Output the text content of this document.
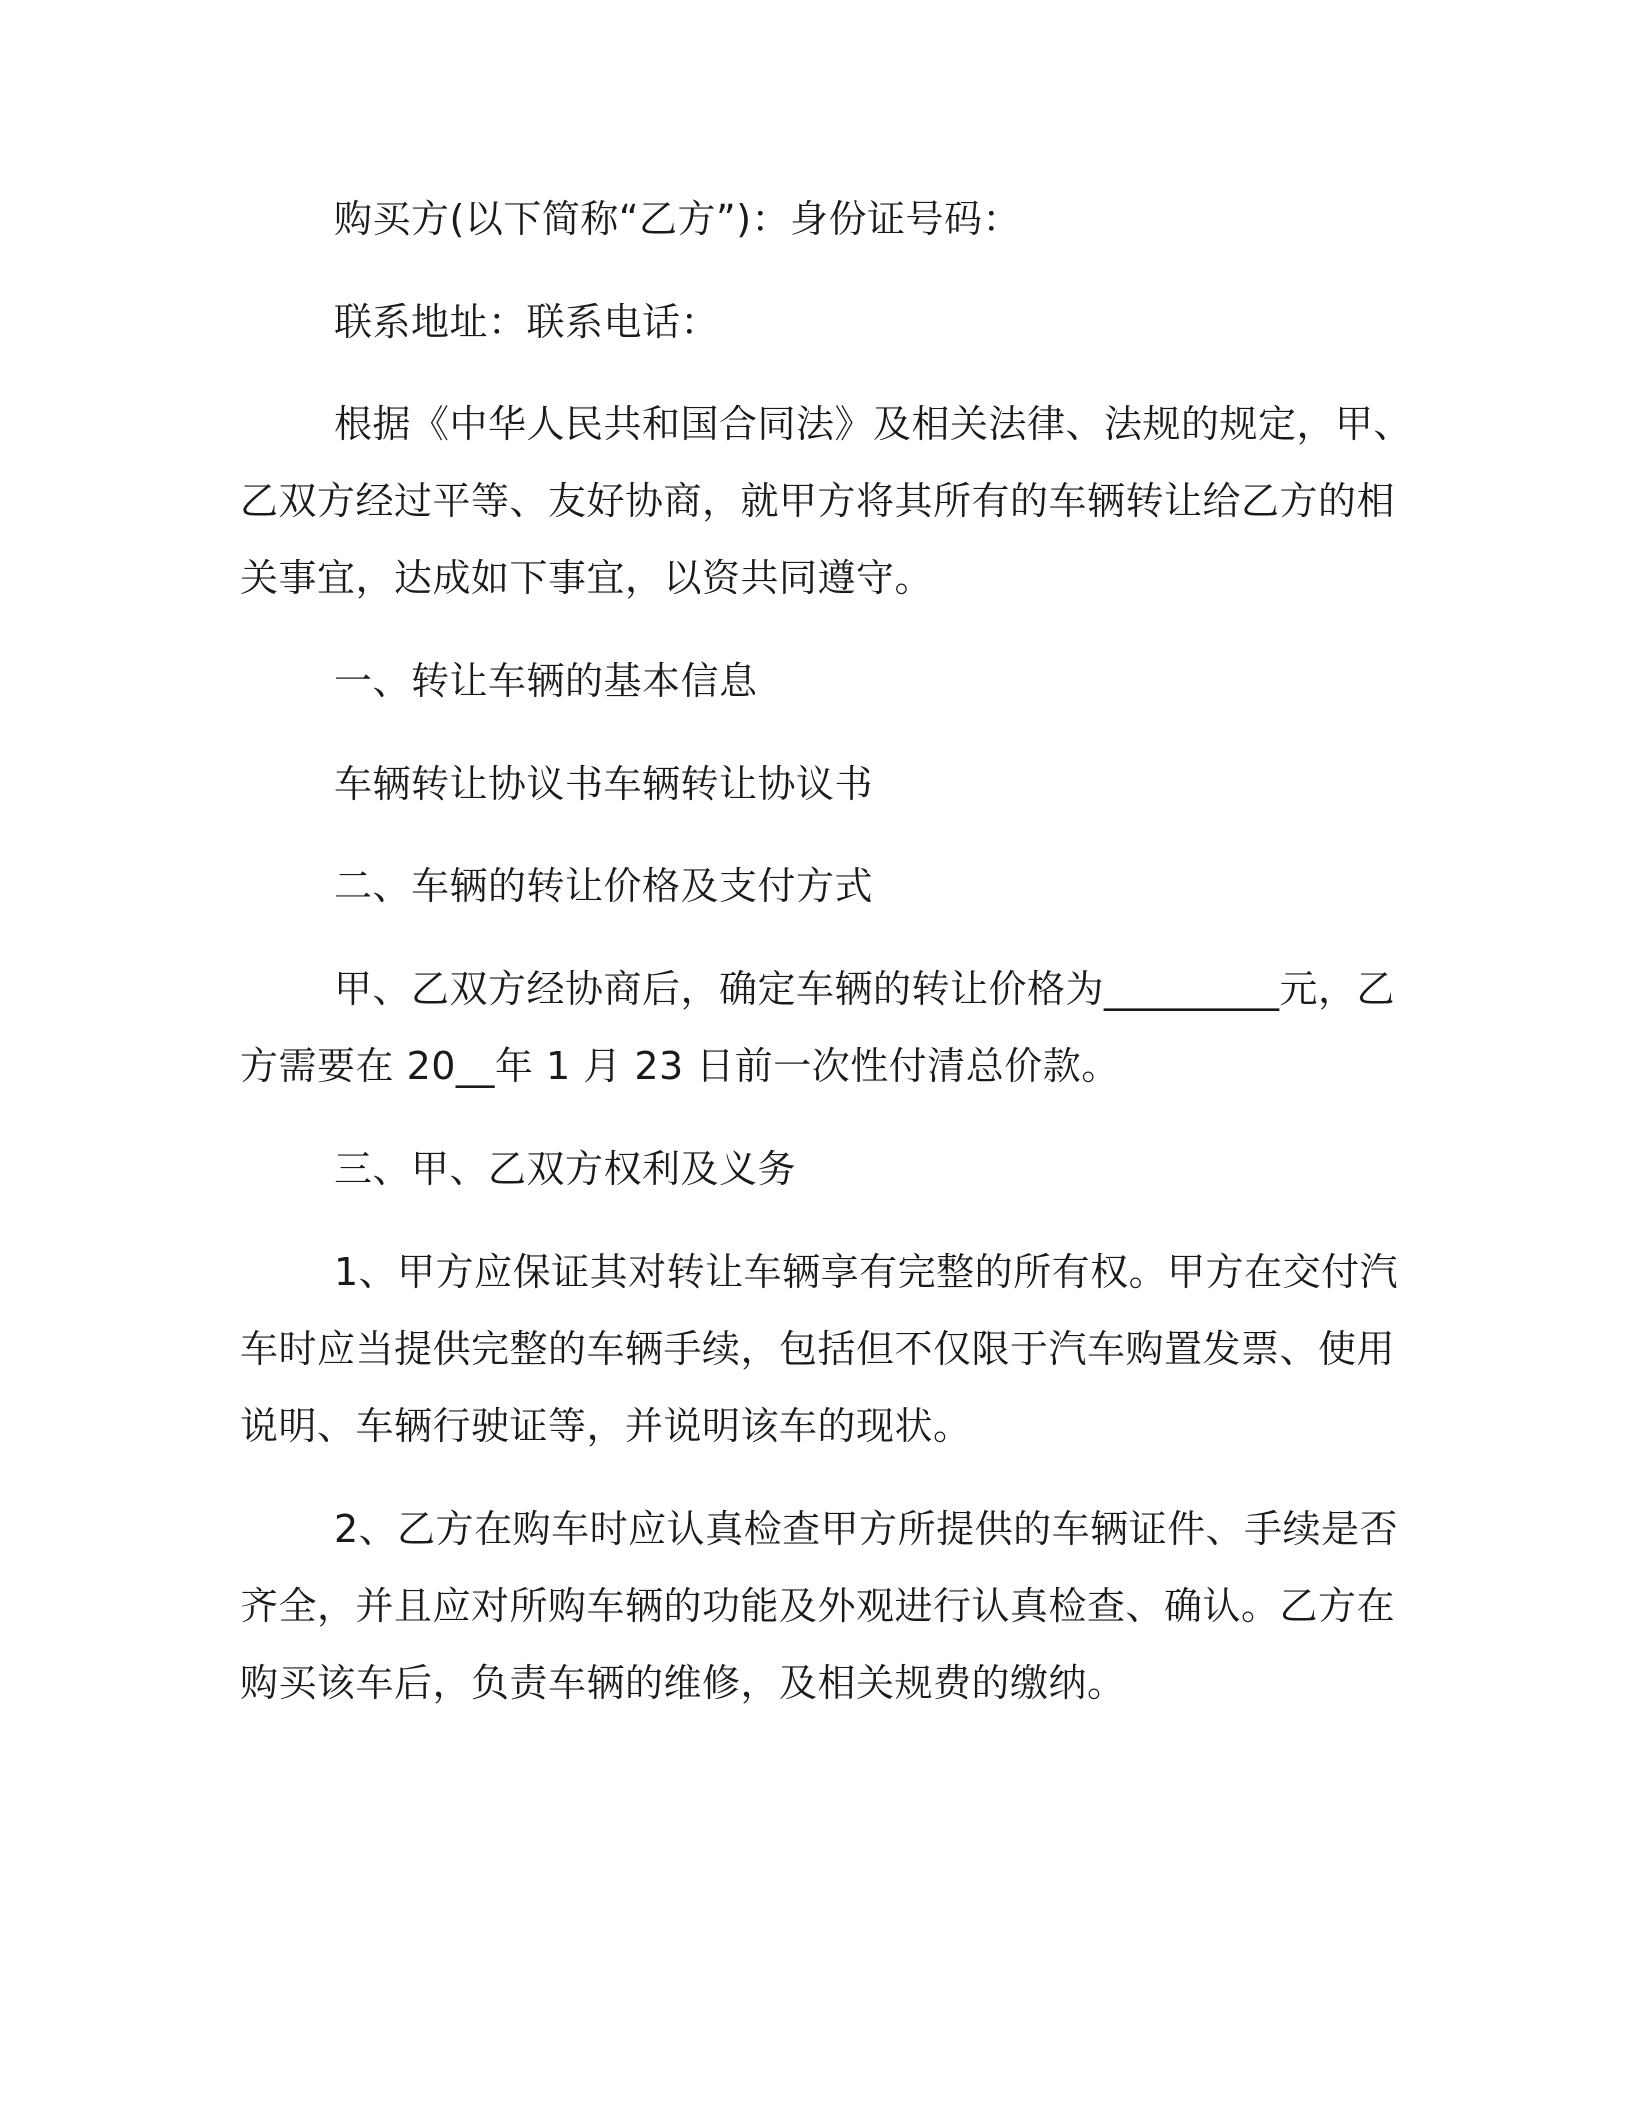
购买方(以下简称“乙方”)：身份证号码：
联系地址：联系电话：
根据《中华人民共和国合同法》及相关法律、法规的规定，甲、
乙双方经过平等、友好协商，就甲方将其所有的车辆转让给乙方的相
关事宜，达成如下事宜，以资共同遵守。
一、转让车辆的基本信息
车辆转让协议书车辆转让协议书
二、车辆的转让价格及支付方式
甲、乙双方经协商后，确定车辆的转让价格为_________元，乙
方需要在 20__年 1 月 23 日前一次性付清总价款。
三、甲、乙双方权利及义务
1、甲方应保证其对转让车辆享有完整的所有权。甲方在交付汽
车时应当提供完整的车辆手续，包括但不仅限于汽车购置发票、使用
说明、车辆行驶证等，并说明该车的现状。
2、乙方在购车时应认真检查甲方所提供的车辆证件、手续是否
齐全，并且应对所购车辆的功能及外观进行认真检查、确认。乙方在
购买该车后，负责车辆的维修，及相关规费的缴纳。
